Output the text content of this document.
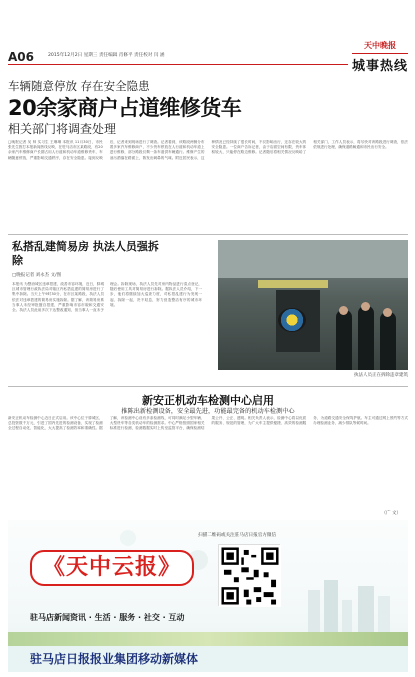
A06	2015年12月2日 星期三 责任编辑 肖修平 责任校对 闫 涵
天中晚报
城事热线
车辆随意停放 存在安全隐患
20余家商户占道维修货车
相关部门将调查处理
□晚报记者 吴 帅 实习生 王琳琳 本报讯 11月30日，市民张先生拨打本报新闻热线反映，在驻马店市区某路段，有20余家汽车维修商户长期占用人行道和机动车道维修货车，车辆随意停放，严重影响交通秩序，存在安全隐患。接到反映后，记者来到现场进行了调查。记者看到，该路段两侧分布着多家汽车维修商户，不少货车停放在人行道和机动车道上进行维修，部分路段仅剩一条车道供车辆通行。维修产生的油污洒落在路面上，散发出刺鼻的气味。附近居民表示，这种情况已经持续了很长时间，不仅影响出行，还存在较大的安全隐患。一位商户告诉记者，由于店面空间有限，货车体积较大，只能停在路边维修。记者随后将相关情况反映给了相关部门，工作人员表示，将尽快对该路段进行调查，依法依规进行处理，确保道路畅通和市民出行安全。
私搭乱建简易房 执法人员强拆除
□晚报记者 刘永杰 文/图
本报讯 为整治城区违章搭建，改善市容环境，近日，驿城区城市管理行政执法局对辖区内私搭乱建的简易房进行了集中拆除。当天上午9时30分，在市区某路段，执法人员依法对违章搭建的简易房实施拆除。据了解，该简易房系当事人未经审批擅自搭建，严重影响市容市貌和交通安全。执法人员此前多次下达整改通知，但当事人一直未予理会。拆除现场，执法人员先对房内物品进行清点登记，随后使用工具对简易房进行拆除。据执法人员介绍，下一步，他们将继续加大巡查力度，对私搭乱建行为发现一起、拆除一起，决不姑息，努力营造整洁有序的城市环境。
执法人员正在拆除违章建筑
新安正机动车检测中心启用
推陈出新检测设备，安全最先进，功能最完备的机动车检测中心
新安正机动车检测中心近日正式启用。该中心位于驿城区，总投资数千万元，引进了国内先进的检测设备，实现了检测全过程自动化、智能化，大大提高了检测效率和准确性。据了解，该检测中心设有多条检测线，可同时满足小型车辆、大型货车等各类机动车的检测需求。中心严格按照国家相关标准进行检测，检测数据实时上传至监管平台，确保检测结果公开、公正、透明。相关负责人表示，检测中心将以优质的服务、规范的管理，为广大车主提供便捷、高效的检测服务，为道路交通安全保驾护航。车主可通过网上预约等方式办理检测业务，减少排队等候时间。
（广 文）
《天中云报》
扫描二维码或关注驻马店日报官方微信
驻马店新闻资讯 · 生活 · 服务 · 社交 · 互动
驻马店日报报业集团移动新媒体
